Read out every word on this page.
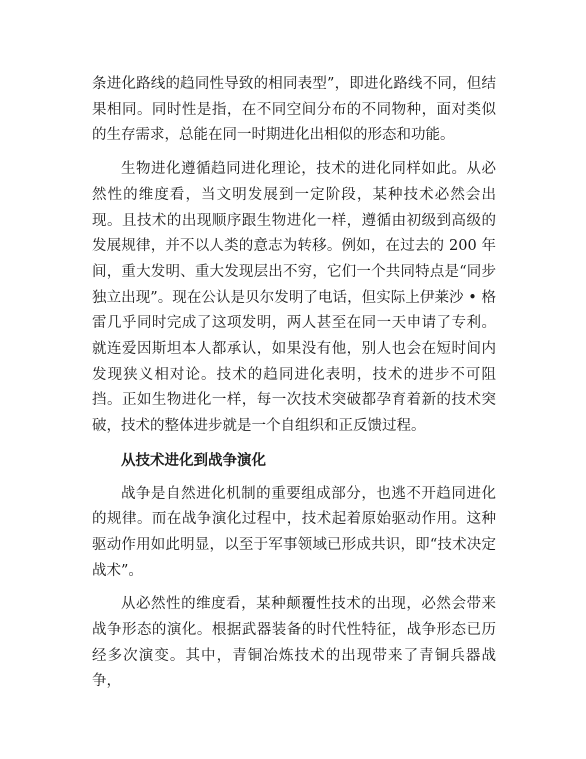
条进化路线的趋同性导致的相同表型”，即进化路线不同，但结果相同。同时性是指，在不同空间分布的不同物种，面对类似的生存需求，总能在同一时期进化出相似的形态和功能。

生物进化遵循趋同进化理论，技术的进化同样如此。从必然性的维度看，当文明发展到一定阶段，某种技术必然会出现。且技术的出现顺序跟生物进化一样，遵循由初级到高级的发展规律，并不以人类的意志为转移。例如，在过去的 200 年间，重大发明、重大发现层出不穷，它们一个共同特点是“同步独立出现”。现在公认是贝尔发明了电话，但实际上伊莱沙 • 格雷几乎同时完成了这项发明，两人甚至在同一天申请了专利。就连爱因斯坦本人都承认，如果没有他，别人也会在短时间内发现狭义相对论。技术的趋同进化表明，技术的进步不可阻挡。正如生物进化一样，每一次技术突破都孕育着新的技术突破，技术的整体进步就是一个自组织和正反馈过程。

从技术进化到战争演化

战争是自然进化机制的重要组成部分，也逃不开趋同进化的规律。而在战争演化过程中，技术起着原始驱动作用。这种驱动作用如此明显，以至于军事领域已形成共识，即“技术决定战术”。

从必然性的维度看，某种颠覆性技术的出现，必然会带来战争形态的演化。根据武器装备的时代性特征，战争形态已历经多次演变。其中，青铜冶炼技术的出现带来了青铜兵器战争，
